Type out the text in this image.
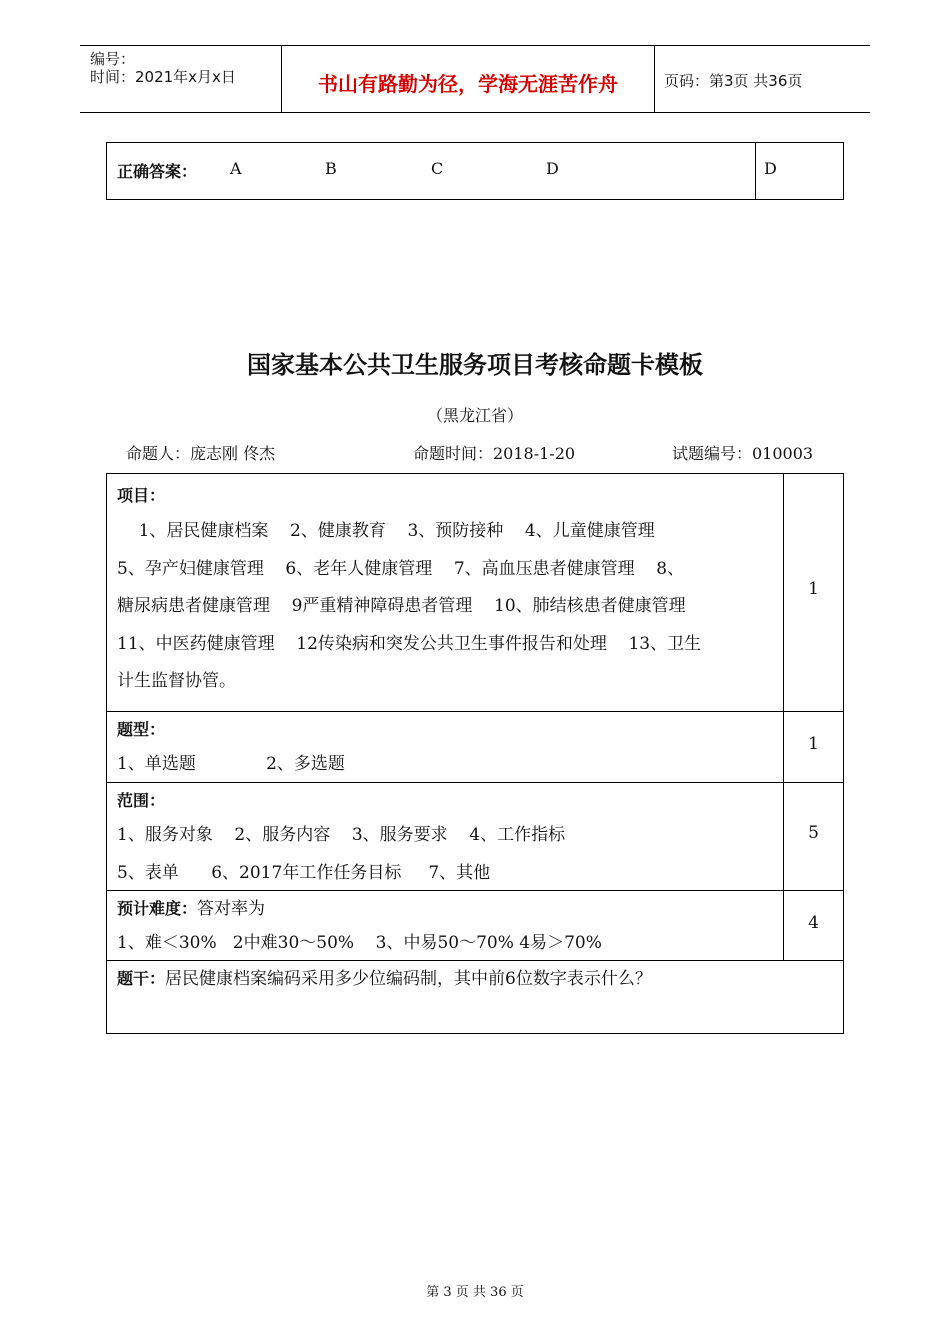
编号：
时间：2021年x月x日	书山有路勤为径，学海无涯苦作舟	页码：第3页 共36页
正确答案： A	B	C	D	D
国家基本公共卫生服务项目考核命题卡模板
（黑龙江省）
命题人：庞志刚 佟杰	命题时间：2018-1-20	试题编号：010003
项目：
1、居民健康档案    2、健康教育    3、预防接种    4、儿童健康管理
5、孕产妇健康管理    6、老年人健康管理    7、高血压患者健康管理    8、
糖尿病患者健康管理    9严重精神障碍患者管理    10、肺结核患者健康管理
11、中医药健康管理    12传染病和突发公共卫生事件报告和处理    13、卫生
计生监督协管。
1
题型：
1、单选题             2、多选题
1
范围：
1、服务对象    2、服务内容    3、服务要求    4、工作指标
5、表单      6、2017年工作任务目标     7、其他
5
预计难度：答对率为
1、难＜30%   2中难30～50%    3、中易50～70% 4易＞70%
4
题干：居民健康档案编码采用多少位编码制，其中前6位数字表示什么？
第 3 页 共 36 页
